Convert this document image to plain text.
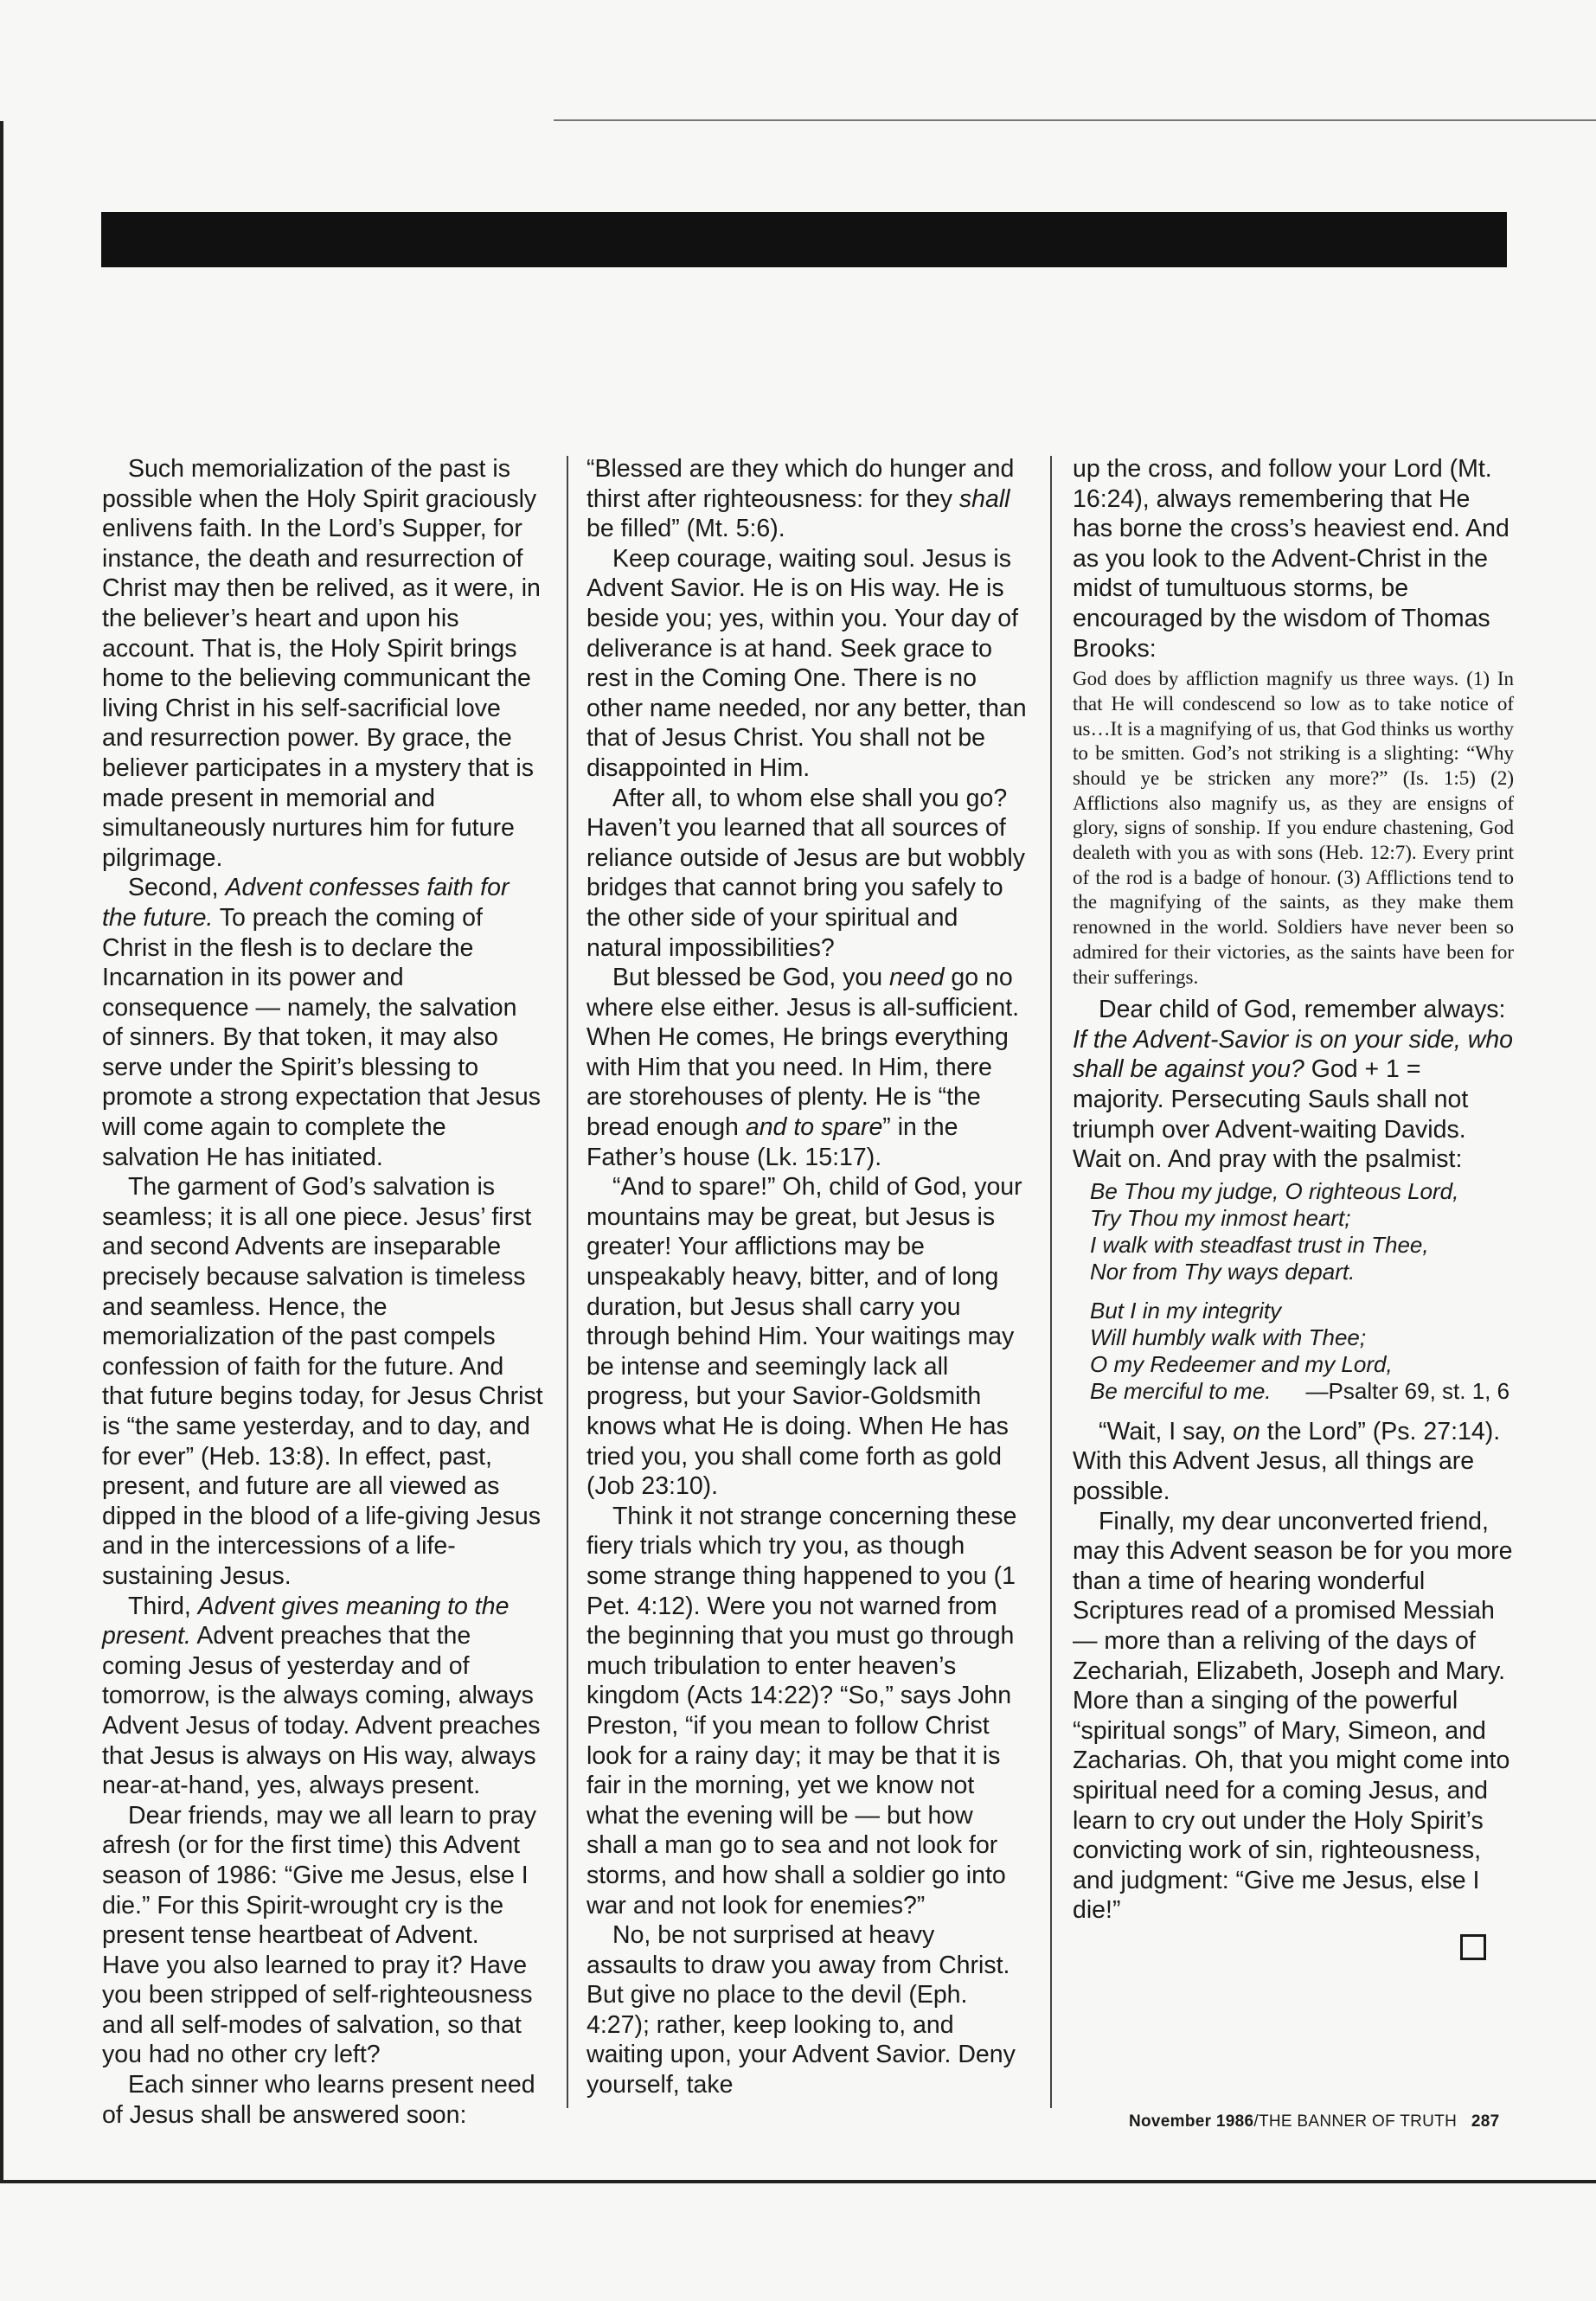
Such memorialization of the past is possible when the Holy Spirit graciously enlivens faith. In the Lord’s Supper, for instance, the death and resurrection of Christ may then be relived, as it were, in the believer’s heart and upon his account. That is, the Holy Spirit brings home to the believing communicant the living Christ in his self-sacrificial love and resurrection power. By grace, the believer participates in a mystery that is made present in memorial and simultaneously nurtures him for future pilgrimage.

Second, Advent confesses faith for the future. To preach the coming of Christ in the flesh is to declare the Incarnation in its power and consequence — namely, the salvation of sinners. By that token, it may also serve under the Spirit’s blessing to promote a strong expectation that Jesus will come again to complete the salvation He has initiated.

The garment of God’s salvation is seamless; it is all one piece. Jesus’ first and second Advents are inseparable precisely because salvation is timeless and seamless. Hence, the memorialization of the past compels confession of faith for the future. And that future begins today, for Jesus Christ is “the same yesterday, and to day, and for ever” (Heb. 13:8). In effect, past, present, and future are all viewed as dipped in the blood of a life-giving Jesus and in the intercessions of a life-sustaining Jesus.

Third, Advent gives meaning to the present. Advent preaches that the coming Jesus of yesterday and of tomorrow, is the always coming, always Advent Jesus of today. Advent preaches that Jesus is always on His way, always near-at-hand, yes, always present.

Dear friends, may we all learn to pray afresh (or for the first time) this Advent season of 1986: “Give me Jesus, else I die.” For this Spirit-wrought cry is the present tense heartbeat of Advent. Have you also learned to pray it? Have you been stripped of self-righteousness and all self-modes of salvation, so that you had no other cry left?

Each sinner who learns present need of Jesus shall be answered soon:

“Blessed are they which do hunger and thirst after righteousness: for they shall be filled” (Mt. 5:6).

Keep courage, waiting soul. Jesus is Advent Savior. He is on His way. He is beside you; yes, within you. Your day of deliverance is at hand. Seek grace to rest in the Coming One. There is no other name needed, nor any better, than that of Jesus Christ. You shall not be disappointed in Him.

After all, to whom else shall you go? Haven’t you learned that all sources of reliance outside of Jesus are but wobbly bridges that cannot bring you safely to the other side of your spiritual and natural impossibilities?

But blessed be God, you need go no where else either. Jesus is all-sufficient. When He comes, He brings everything with Him that you need. In Him, there are storehouses of plenty. He is “the bread enough and to spare” in the Father’s house (Lk. 15:17).

“And to spare!” Oh, child of God, your mountains may be great, but Jesus is greater! Your afflictions may be unspeakably heavy, bitter, and of long duration, but Jesus shall carry you through behind Him. Your waitings may be intense and seemingly lack all progress, but your Savior-Goldsmith knows what He is doing. When He has tried you, you shall come forth as gold (Job 23:10).

Think it not strange concerning these fiery trials which try you, as though some strange thing happened to you (1 Pet. 4:12). Were you not warned from the beginning that you must go through much tribulation to enter heaven’s kingdom (Acts 14:22)? “So,” says John Preston, “if you mean to follow Christ look for a rainy day; it may be that it is fair in the morning, yet we know not what the evening will be — but how shall a man go to sea and not look for storms, and how shall a soldier go into war and not look for enemies?”

No, be not surprised at heavy assaults to draw you away from Christ. But give no place to the devil (Eph. 4:27); rather, keep looking to, and waiting upon, your Advent Savior. Deny yourself, take

up the cross, and follow your Lord (Mt. 16:24), always remembering that He has borne the cross’s heaviest end. And as you look to the Advent-Christ in the midst of tumultuous storms, be encouraged by the wisdom of Thomas Brooks:

God does by affliction magnify us three ways. (1) In that He will condescend so low as to take notice of us…It is a magnifying of us, that God thinks us worthy to be smitten. God’s not striking is a slighting: “Why should ye be stricken any more?” (Is. 1:5) (2) Afflictions also magnify us, as they are ensigns of glory, signs of sonship. If you endure chastening, God dealeth with you as with sons (Heb. 12:7). Every print of the rod is a badge of honour. (3) Afflictions tend to the magnifying of the saints, as they make them renowned in the world. Soldiers have never been so admired for their victories, as the saints have been for their sufferings.

Dear child of God, remember always: If the Advent-Savior is on your side, who shall be against you? God + 1 = majority. Persecuting Sauls shall not triumph over Advent-waiting Davids. Wait on. And pray with the psalmist:

Be Thou my judge, O righteous Lord,

Try Thou my inmost heart;

I walk with steadfast trust in Thee,

Nor from Thy ways depart.

But I in my integrity

Will humbly walk with Thee;

O my Redeemer and my Lord,

Be merciful to me. —Psalter 69, st. 1, 6

“Wait, I say, on the Lord” (Ps. 27:14). With this Advent Jesus, all things are possible.

Finally, my dear unconverted friend, may this Advent season be for you more than a time of hearing wonderful Scriptures read of a promised Messiah — more than a reliving of the days of Zechariah, Elizabeth, Joseph and Mary. More than a singing of the powerful “spiritual songs” of Mary, Simeon, and Zacharias. Oh, that you might come into spiritual need for a coming Jesus, and learn to cry out under the Holy Spirit’s convicting work of sin, righteousness, and judgment: “Give me Jesus, else I die!”

November 1986/THE BANNER OF TRUTH 287
